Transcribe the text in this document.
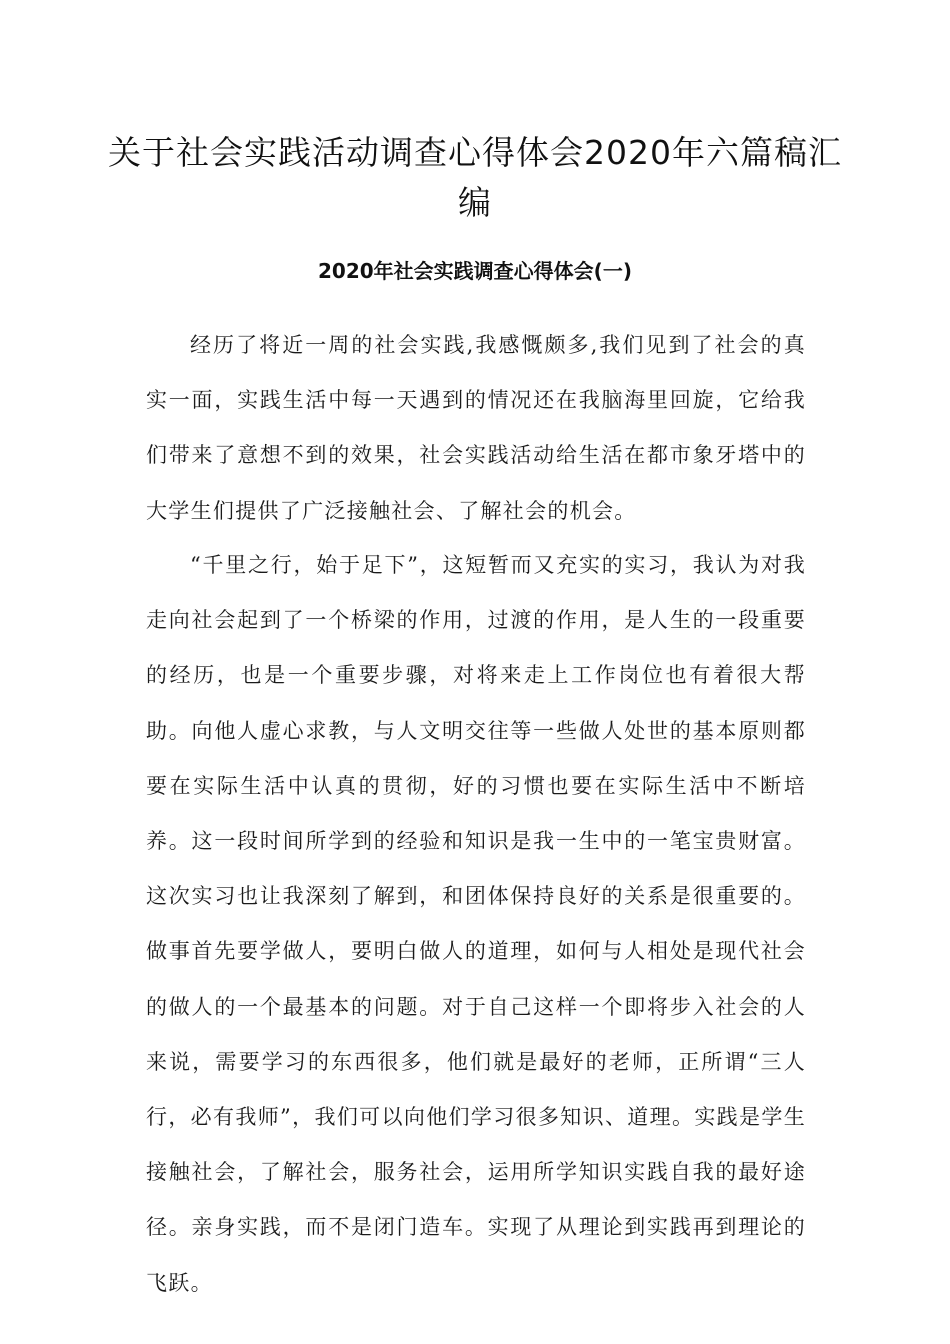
关于社会实践活动调查心得体会2020年六篇稿汇编
2020年社会实践调查心得体会(一)

经历了将近一周的社会实践,我感慨颇多,我们见到了社会的真实一面，实践生活中每一天遇到的情况还在我脑海里回旋，它给我们带来了意想不到的效果，社会实践活动给生活在都市象牙塔中的大学生们提供了广泛接触社会、了解社会的机会。

“千里之行，始于足下”，这短暂而又充实的实习，我认为对我走向社会起到了一个桥梁的作用，过渡的作用，是人生的一段重要的经历，也是一个重要步骤，对将来走上工作岗位也有着很大帮助。向他人虚心求教，与人文明交往等一些做人处世的基本原则都要在实际生活中认真的贯彻，好的习惯也要在实际生活中不断培养。这一段时间所学到的经验和知识是我一生中的一笔宝贵财富。这次实习也让我深刻了解到，和团体保持良好的关系是很重要的。做事首先要学做人，要明白做人的道理，如何与人相处是现代社会的做人的一个最基本的问题。对于自己这样一个即将步入社会的人来说，需要学习的东西很多，他们就是最好的老师，正所谓“三人行，必有我师”，我们可以向他们学习很多知识、道理。实践是学生接触社会，了解社会，服务社会，运用所学知识实践自我的最好途径。亲身实践，而不是闭门造车。实现了从理论到实践再到理论的飞跃。
